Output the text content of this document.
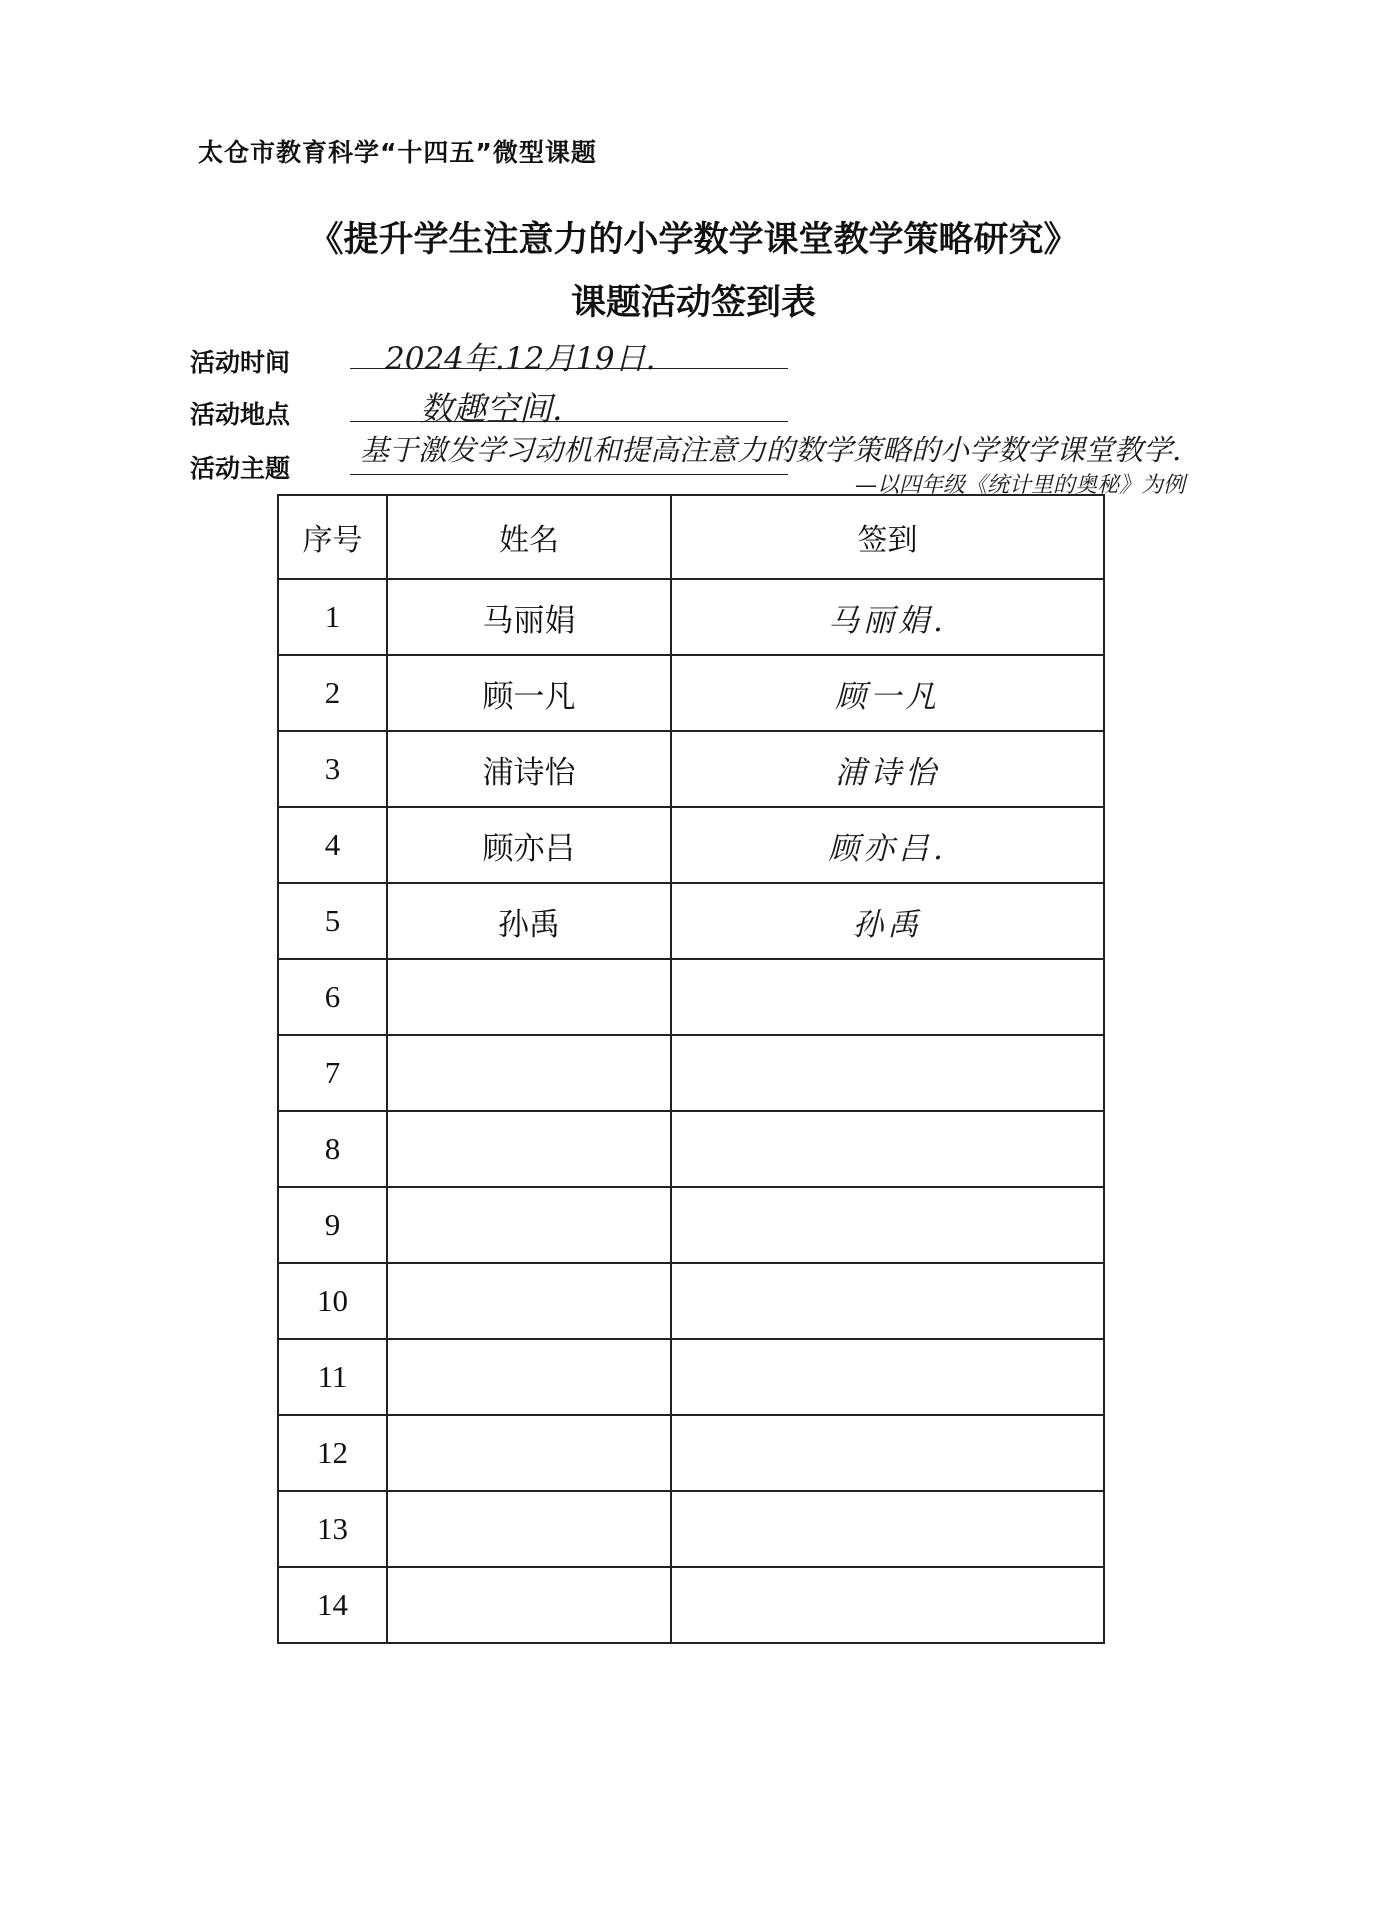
太仓市教育科学“十四五”微型课题
《提升学生注意力的小学数学课堂教学策略研究》
课题活动签到表
活动时间	2024年.12月19日.
活动地点	数趣空间.
活动主题
基于激发学习动机和提高注意力的数学策略的小学数学课堂教学.
—以四年级《统计里的奥秘》为例
序号	姓名	签到
1	马丽娟	马丽娟.
2	顾一凡	顾一凡
3	浦诗怡	浦诗怡
4	顾亦吕	顾亦吕.
5	孙禹	孙禹
6		
7		
8		
9		
10		
11		
12		
13		
14		
